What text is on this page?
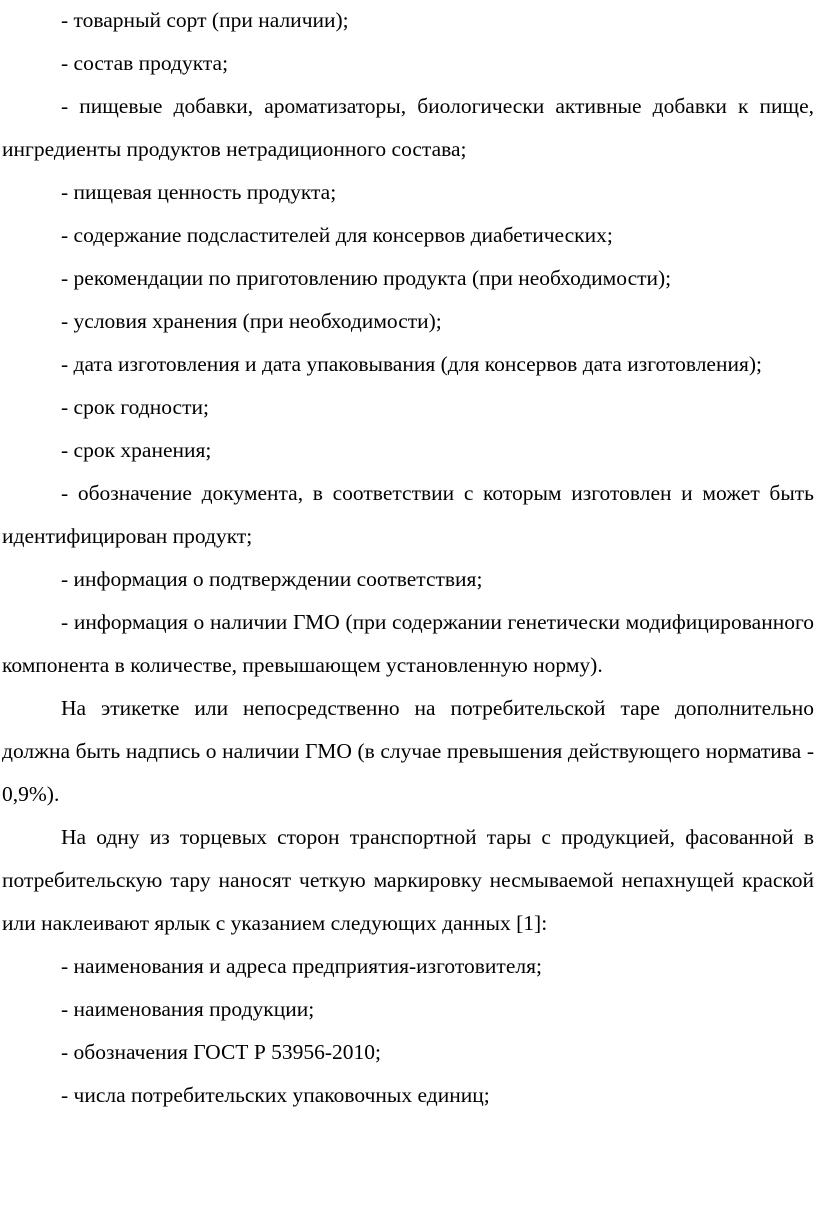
- товарный сорт (при наличии);

- состав продукта;

- пищевые добавки, ароматизаторы, биологически активные добавки к пище, ингредиенты продуктов нетрадиционного состава;

- пищевая ценность продукта;

- содержание подсластителей для консервов диабетических;

- рекомендации по приготовлению продукта (при необходимости);

- условия хранения (при необходимости);

- дата изготовления и дата упаковывания (для консервов дата изготовления);

- срок годности;

- срок хранения;

- обозначение документа, в соответствии с которым изготовлен и может быть идентифицирован продукт;

- информация о подтверждении соответствия;

- информация о наличии ГМО (при содержании генетически модифицированного компонента в количестве, превышающем установленную норму).

На этикетке или непосредственно на потребительской таре дополнительно должна быть надпись о наличии ГМО (в случае превышения действующего норматива - 0,9%).

На одну из торцевых сторон транспортной тары с продукцией, фасованной в потребительскую тару наносят четкую маркировку несмываемой непахнущей краской или наклеивают ярлык с указанием следующих данных [1]:

- наименования и адреса предприятия-изготовителя;

- наименования продукции;

- обозначения ГОСТ Р 53956-2010;

- числа потребительских упаковочных единиц;
